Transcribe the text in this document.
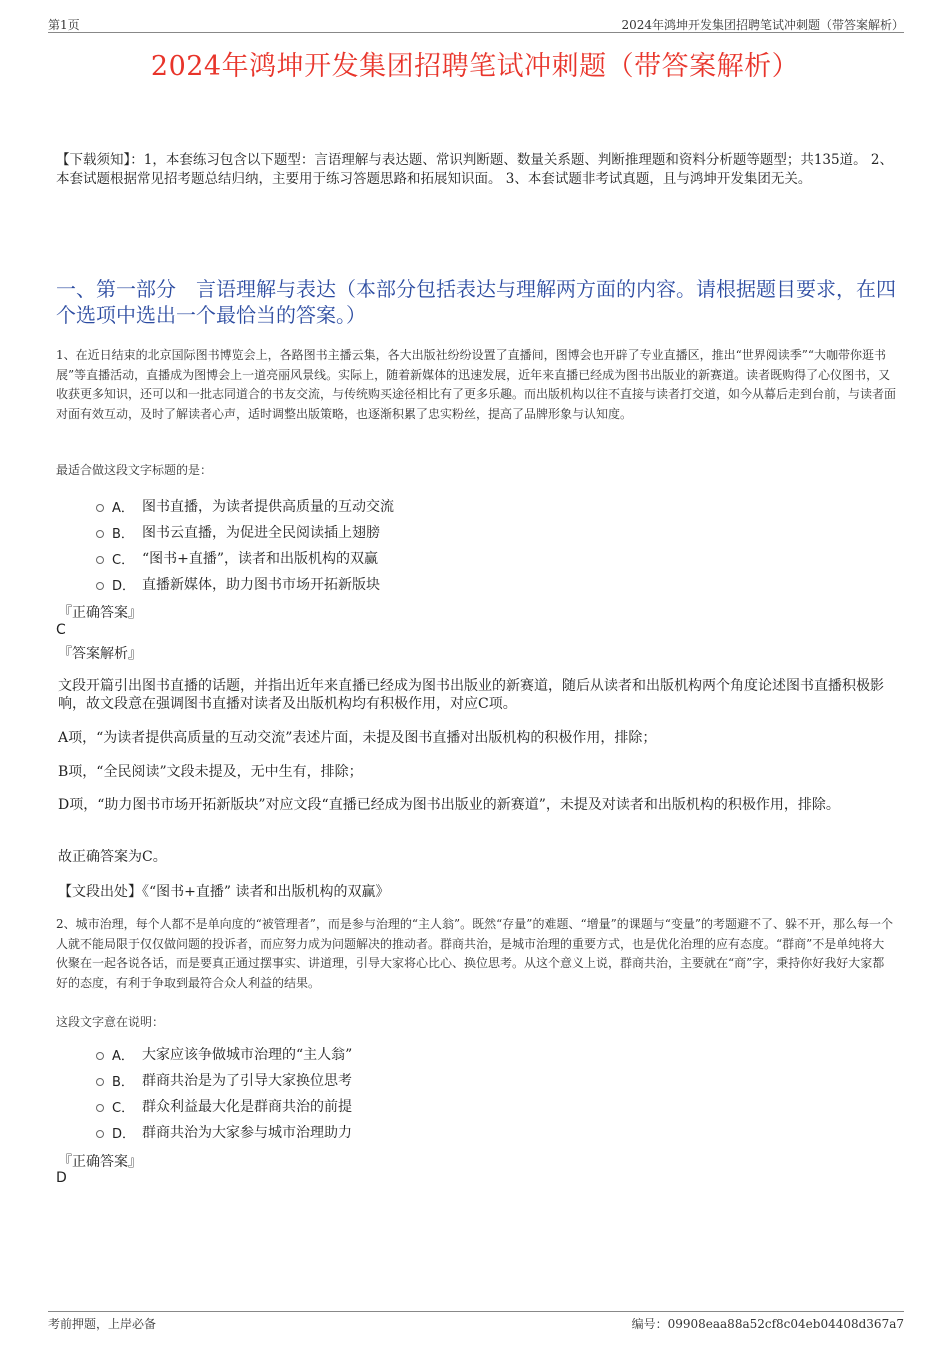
第1页	2024年鸿坤开发集团招聘笔试冲刺题（带答案解析）
2024年鸿坤开发集团招聘笔试冲刺题（带答案解析）
【下载须知】：1，本套练习包含以下题型：言语理解与表达题、常识判断题、数量关系题、判断推理题和资料分析题等题型；共135道。 2、本套试题根据常见招考题总结归纳，主要用于练习答题思路和拓展知识面。 3、本套试题非考试真题，且与鸿坤开发集团无关。
一、第一部分　言语理解与表达（本部分包括表达与理解两方面的内容。请根据题目要求，在四个选项中选出一个最恰当的答案。）
1、在近日结束的北京国际图书博览会上，各路图书主播云集，各大出版社纷纷设置了直播间，图博会也开辟了专业直播区，推出“世界阅读季”“大咖带你逛书展”等直播活动，直播成为图博会上一道亮丽风景线。实际上，随着新媒体的迅速发展，近年来直播已经成为图书出版业的新赛道。读者既购得了心仪图书，又收获更多知识，还可以和一批志同道合的书友交流，与传统购买途径相比有了更多乐趣。而出版机构以往不直接与读者打交道，如今从幕后走到台前，与读者面对面有效互动，及时了解读者心声，适时调整出版策略，也逐渐积累了忠实粉丝，提高了品牌形象与认知度。
最适合做这段文字标题的是：
A． 图书直播，为读者提供高质量的互动交流
B． 图书云直播，为促进全民阅读插上翅膀
C． “图书+直播”，读者和出版机构的双赢
D． 直播新媒体，助力图书市场开拓新版块
『正确答案』
C
『答案解析』
文段开篇引出图书直播的话题，并指出近年来直播已经成为图书出版业的新赛道，随后从读者和出版机构两个角度论述图书直播积极影响，故文段意在强调图书直播对读者及出版机构均有积极作用，对应C项。
A项，“为读者提供高质量的互动交流”表述片面，未提及图书直播对出版机构的积极作用，排除；
B项，“全民阅读”文段未提及，无中生有，排除；
D项，“助力图书市场开拓新版块”对应文段“直播已经成为图书出版业的新赛道”，未提及对读者和出版机构的积极作用，排除。
故正确答案为C。
【文段出处】《“图书+直播” 读者和出版机构的双赢》
2、城市治理，每个人都不是单向度的“被管理者”，而是参与治理的“主人翁”。既然“存量”的难题、“增量”的课题与“变量”的考题避不了、躲不开，那么每一个人就不能局限于仅仅做问题的投诉者，而应努力成为问题解决的推动者。群商共治，是城市治理的重要方式，也是优化治理的应有态度。“群商”不是单纯将大伙聚在一起各说各话，而是要真正通过摆事实、讲道理，引导大家将心比心、换位思考。从这个意义上说，群商共治，主要就在“商”字，秉持你好我好大家都好的态度，有利于争取到最符合众人利益的结果。
这段文字意在说明：
A． 大家应该争做城市治理的“主人翁”
B． 群商共治是为了引导大家换位思考
C． 群众利益最大化是群商共治的前提
D． 群商共治为大家参与城市治理助力
『正确答案』
D
考前押题，上岸必备	编号：09908eaa88a52cf8c04eb04408d367a7
